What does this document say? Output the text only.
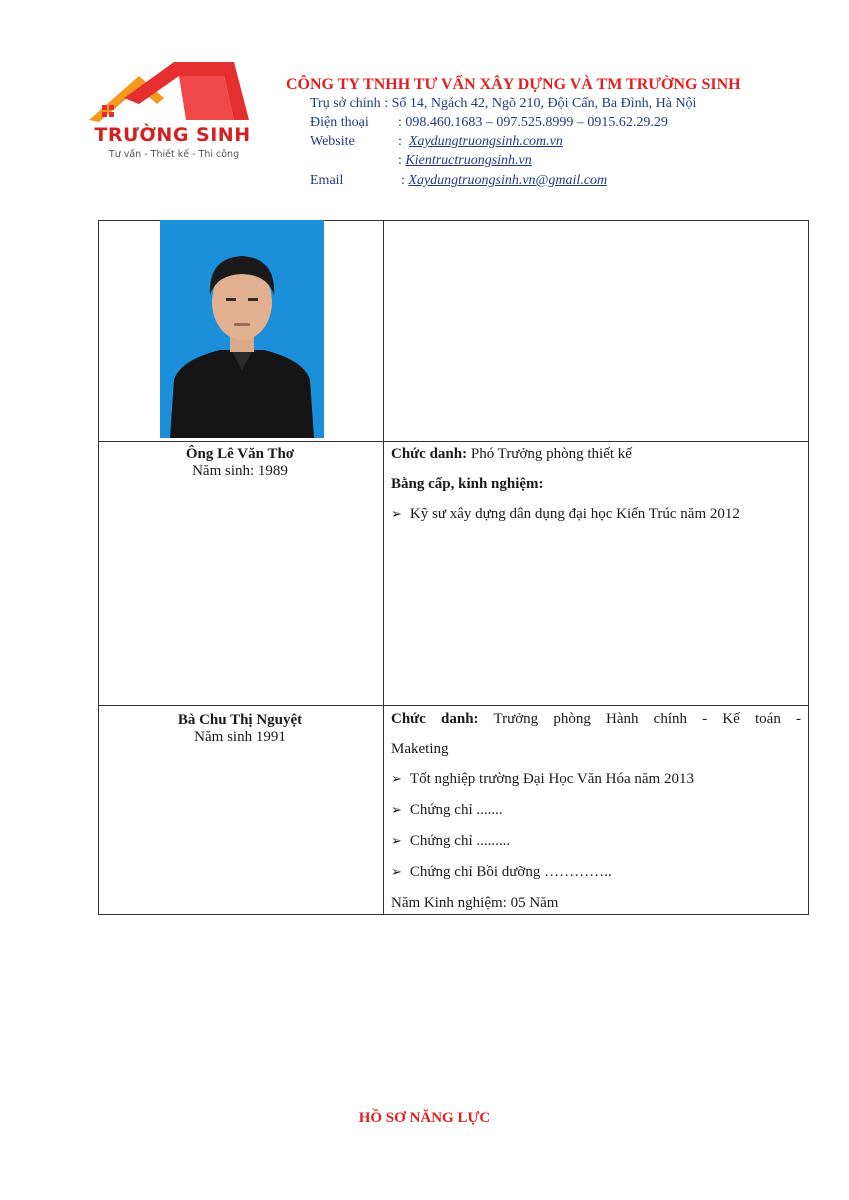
TRƯỜNG SINH
Tư vấn - Thiết kế - Thi công
CÔNG TY TNHH TƯ VẤN XÂY DỰNG VÀ TM TRƯỜNG SINH
Trụ sở chính : Số 14, Ngách 42, Ngõ 210, Đội Cấn, Ba Đình, Hà Nội
Điện thoại : 098.460.1683 – 097.525.8999 – 0915.62.29.29
Website	: Xaydungtruongsinh.com.vn
: Kientructruongsinh.vn
Email	: Xaydungtruongsinh.vn@gmail.com
Ông Lê Văn Thơ
Năm sinh: 1989

Chức danh: Phó Trưởng phòng thiết kế

Bằng cấp, kinh nghiệm:

➢ Kỹ sư xây dựng dân dụng đại học Kiến Trúc năm 2012

Bà Chu Thị Nguyệt
Năm sinh 1991

Chức danh: Trưởng phòng Hành chính - Kế toán -

Maketing

➢ Tốt nghiệp trường Đại Học Văn Hóa năm 2013

➢ Chứng chỉ .......

➢ Chứng chỉ .........

➢ Chứng chỉ Bồi dưỡng …………..

Năm Kinh nghiệm: 05 Năm

HỒ SƠ NĂNG LỰC
